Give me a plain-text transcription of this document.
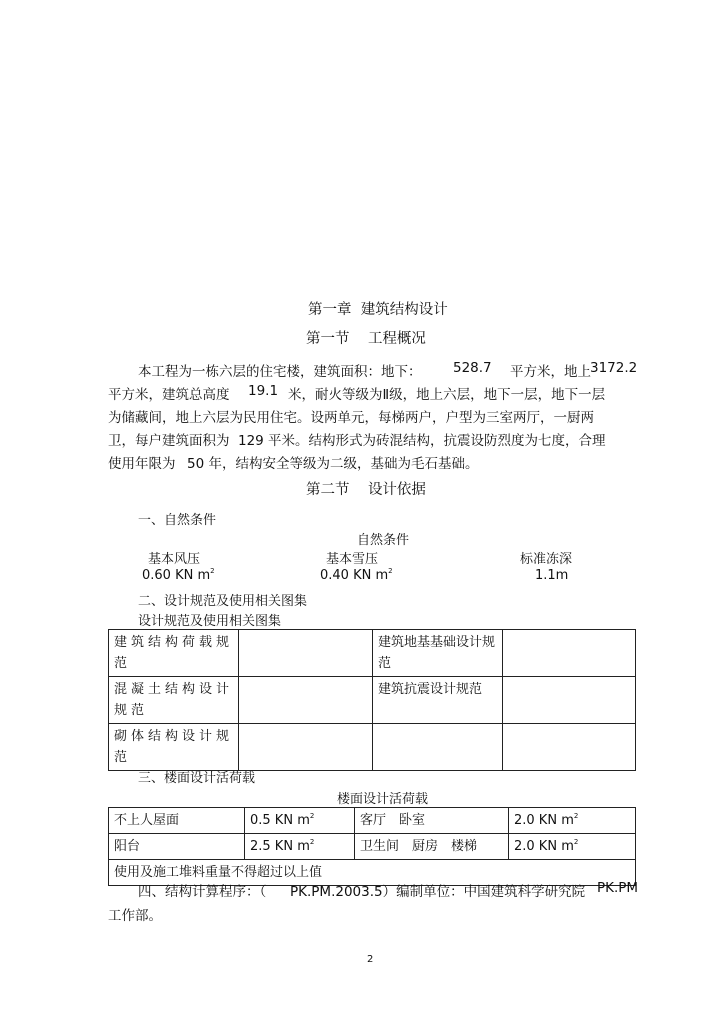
第一章 建筑结构设计
第一节 工程概况
本工程为一栋六层的住宅楼，建筑面积：地下： 528.7 平方米，地上 3172.2
平方米，建筑总高度 19.1 米，耐火等级为Ⅱ级，地上六层，地下一层，地下一层
为储藏间，地上六层为民用住宅。设两单元，每梯两户，户型为三室两厅，一厨两
卫，每户建筑面积为 129 平米。结构形式为砖混结构，抗震设防烈度为七度，合理
使用年限为 50 年，结构安全等级为二级，基础为毛石基础。
第二节 设计依据
一、自然条件
自然条件
基本风压	基本雪压	标准冻深
0.60 KN $m^2$	0.40 KN $m^2$	1.1m
二、设计规范及使用相关图集
设计规范及使用相关图集
建筑结构荷载规范		建筑地基基础设计规范	
混凝土结构设计规范		建筑抗震设计规范	
砌体结构设计规范			
三、楼面设计活荷载
楼面设计活荷载
不上人屋面	0.5 KN $m^2$	客厅　卧室	2.0 KN $m^2$
阳台	2.5 KN $m^2$	卫生间　厨房　楼梯	2.0 KN $m^2$
使用及施工堆料重量不得超过以上值			
四、结构计算程序：（ PK.PM.2003.5）编制单位：中国建筑科学研究院 PK.PM
工作部。
2
